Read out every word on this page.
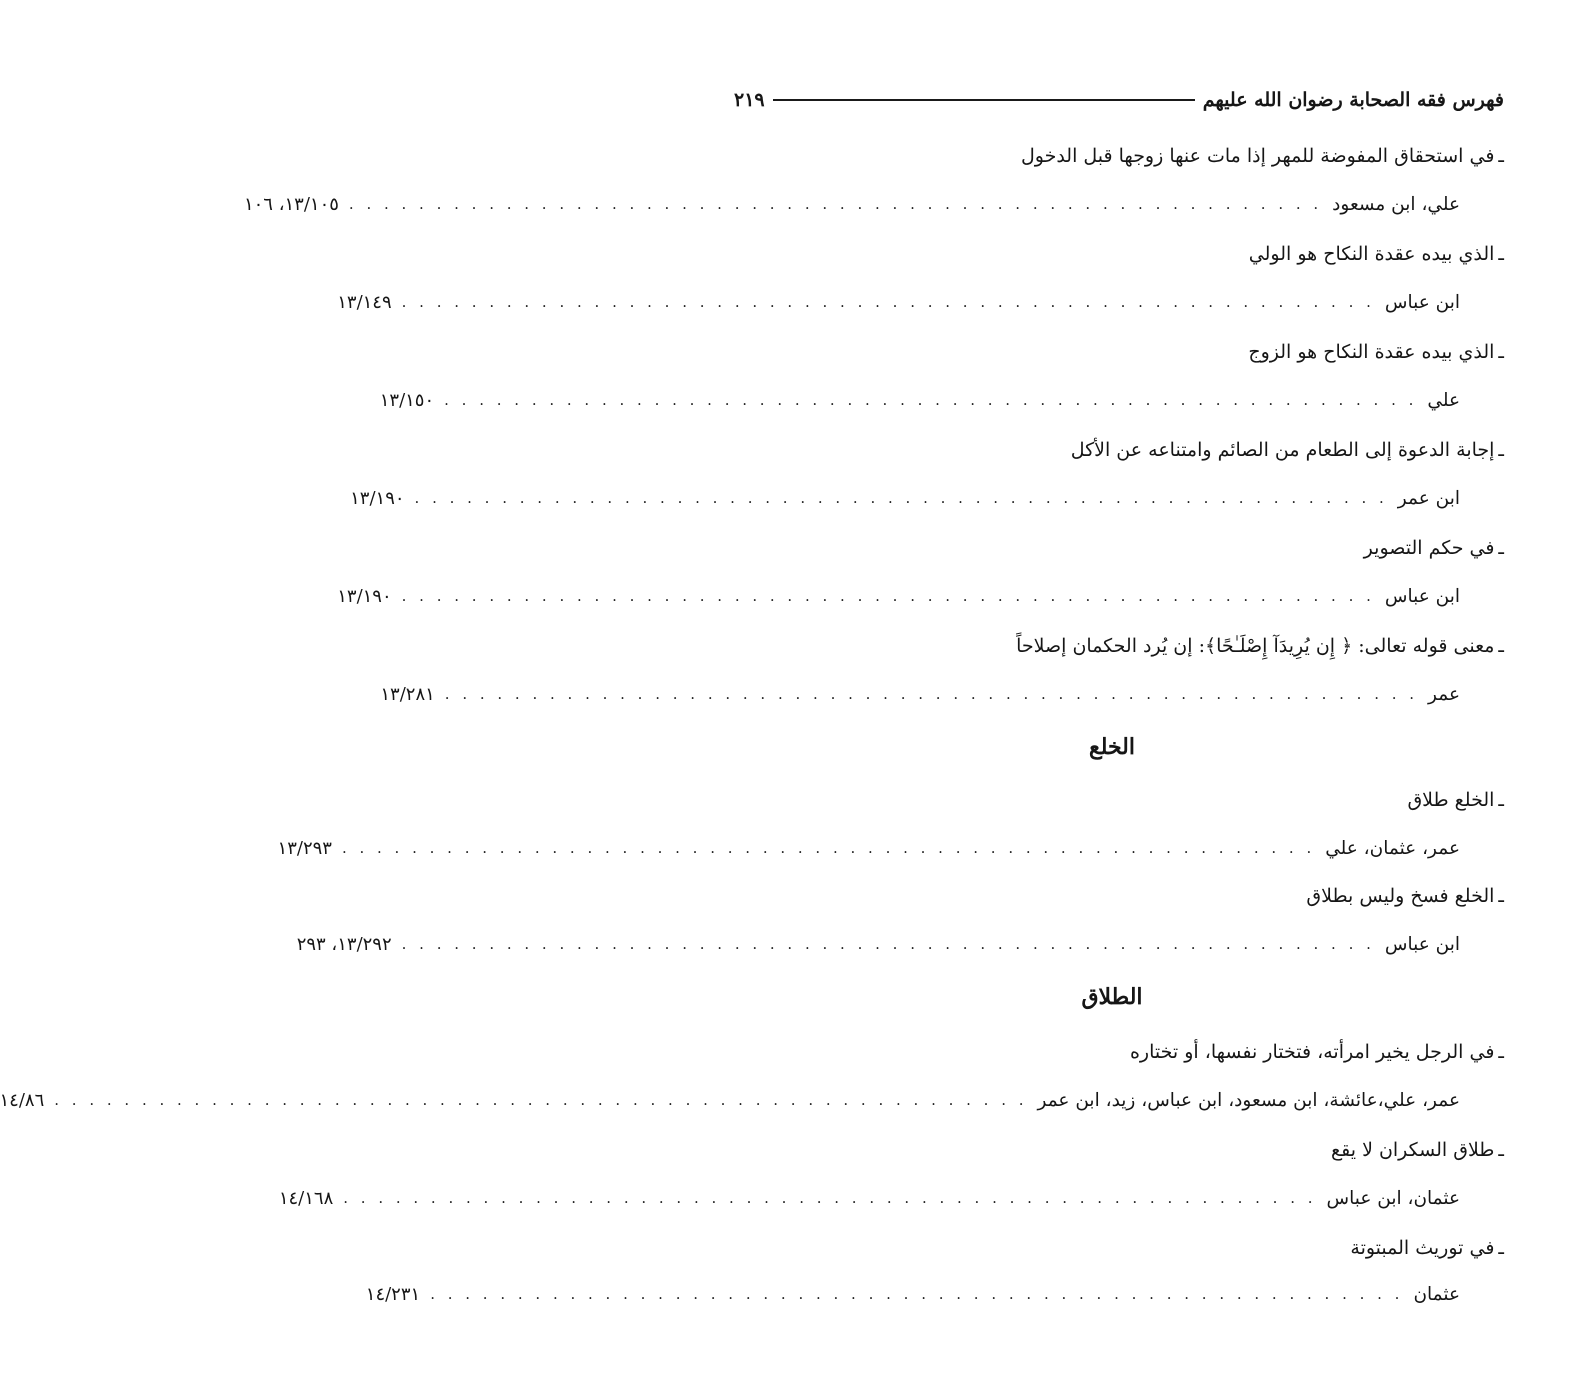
فهرس فقه الصحابة رضوان الله عليهم
٢١٩
ـ
في استحقاق المفوضة للمهر إذا مات عنها زوجها قبل الدخول
علي، ابن مسعود
. . . . . . . . . . . . . . . . . . . . . . . . . . . . . . . . . . . . . . . . . . . . . . . . . . . . . . . .
١٣/١٠٥، ١٠٦
ـ
الذي بيده عقدة النكاح هو الولي
ابن عباس
. . . . . . . . . . . . . . . . . . . . . . . . . . . . . . . . . . . . . . . . . . . . . . . . . . . . . . . .
١٣/١٤٩
ـ
الذي بيده عقدة النكاح هو الزوج
علي
. . . . . . . . . . . . . . . . . . . . . . . . . . . . . . . . . . . . . . . . . . . . . . . . . . . . . . . .
١٣/١٥٠
ـ
إجابة الدعوة إلى الطعام من الصائم وامتناعه عن الأكل
ابن عمر
. . . . . . . . . . . . . . . . . . . . . . . . . . . . . . . . . . . . . . . . . . . . . . . . . . . . . . . .
١٣/١٩٠
ـ
في حكم التصوير
ابن عباس
. . . . . . . . . . . . . . . . . . . . . . . . . . . . . . . . . . . . . . . . . . . . . . . . . . . . . . . .
١٣/١٩٠
ـ
معنى قوله تعالى:

﴿ إِن يُرِيدَآ إِصْلَـٰحًا﴾
: إن يُرد الحكمان إصلاحاً
عمر
. . . . . . . . . . . . . . . . . . . . . . . . . . . . . . . . . . . . . . . . . . . . . . . . . . . . . . . .
١٣/٢٨١
الخلع
ـ
الخلع طلاق
عمر، عثمان، علي
. . . . . . . . . . . . . . . . . . . . . . . . . . . . . . . . . . . . . . . . . . . . . . . . . . . . . . . .
١٣/٢٩٣
ـ
الخلع فسخ وليس بطلاق
ابن عباس
. . . . . . . . . . . . . . . . . . . . . . . . . . . . . . . . . . . . . . . . . . . . . . . . . . . . . . . .
١٣/٢٩٢، ٢٩٣
الطلاق
ـ
في الرجل يخير امرأته، فتختار نفسها، أو تختاره
عمر، علي،عائشة، ابن مسعود، ابن عباس، زيد، ابن عمر
. . . . . . . . . . . . . . . . . . . . . . . . . . . . . . . . . . . . . . . . . . . . . . . . . . . . . . . .
١٤/٨٦
ـ
طلاق السكران لا يقع
عثمان، ابن عباس
. . . . . . . . . . . . . . . . . . . . . . . . . . . . . . . . . . . . . . . . . . . . . . . . . . . . . . . .
١٤/١٦٨
ـ
في توريث المبتوتة
عثمان
. . . . . . . . . . . . . . . . . . . . . . . . . . . . . . . . . . . . . . . . . . . . . . . . . . . . . . . .
١٤/٢٣١
